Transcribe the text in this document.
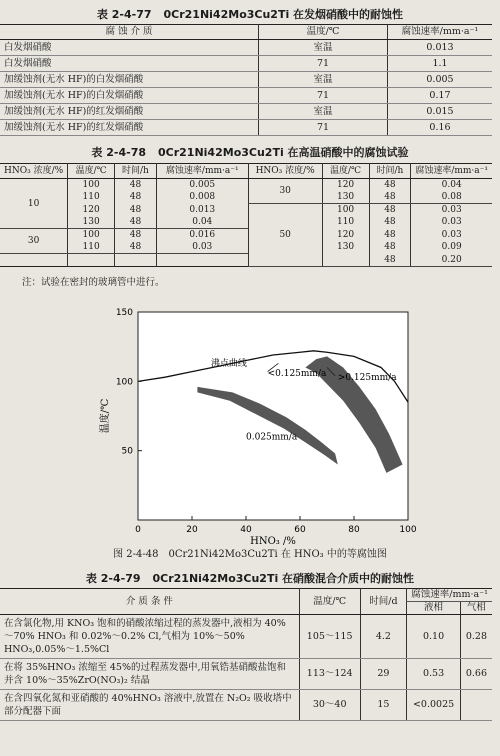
表 2-4-77 0Cr21Ni42Mo3Cu2Ti 在发烟硝酸中的耐蚀性
腐 蚀 介 质	温度/℃	腐蚀速率/mm·a⁻¹
白发烟硝酸	室温	0.013
白发烟硝酸	71	1.1
加缓蚀剂(无水 HF)的白发烟硝酸	室温	0.005
加缓蚀剂(无水 HF)的白发烟硝酸	71	0.17
加缓蚀剂(无水 HF)的红发烟硝酸	室温	0.015
加缓蚀剂(无水 HF)的红发烟硝酸	71	0.16
表 2-4-78 0Cr21Ni42Mo3Cu2Ti 在高温硝酸中的腐蚀试验
HNO₃ 浓度/%	温度/℃	时间/h	腐蚀速率/mm·a⁻¹	HNO₃ 浓度/%	温度/℃	时间/h	腐蚀速率/mm·a⁻¹
10	100	48	0.005	30	120	48	0.04
	110	48	0.008		130	48	0.08
	120	48	0.013	50	100	48	0.03
	130	48	0.04		110	48	0.03
30	100	48	0.016		120	48	0.03
	110	48	0.03		130	48	0.09
						48	0.20
注：试验在密封的玻璃管中进行。
0	20	40	60	80	100
50
100
150
温度/℃
HNO₃ /%
沸点曲线
<0.125mm/a >0.125mm/a
0.025mm/a
图 2-4-48 0Cr21Ni42Mo3Cu2Ti 在 HNO₃ 中的等腐蚀图
表 2-4-79 0Cr21Ni42Mo3Cu2Ti 在硝酸混合介质中的耐蚀性
介 质 条 件	温度/℃	时间/d	腐蚀速率/mm·a⁻¹	
			液相	气相
在含氯化物,用 KNO₃ 饱和的硝酸浓缩过程的蒸发器中,液相为 40%～70% HNO₃ 和 0.02%～0.2% Cl,气相为 10%～50% HNO₃,0.05%～1.5%Cl	105～115	4.2	0.10	0.28
在将 35%HNO₃ 浓缩至 45%的过程蒸发器中,用氧锆基硝酸盐饱和并含 10%～35%ZrO(NO₃)₂ 结晶	113～124	29	0.53	0.66
在含四氧化氮和亚硝酸的 40%HNO₃ 溶液中,放置在 N₂O₂ 吸收塔中部分配器下面	30～40	15	<0.0025	
